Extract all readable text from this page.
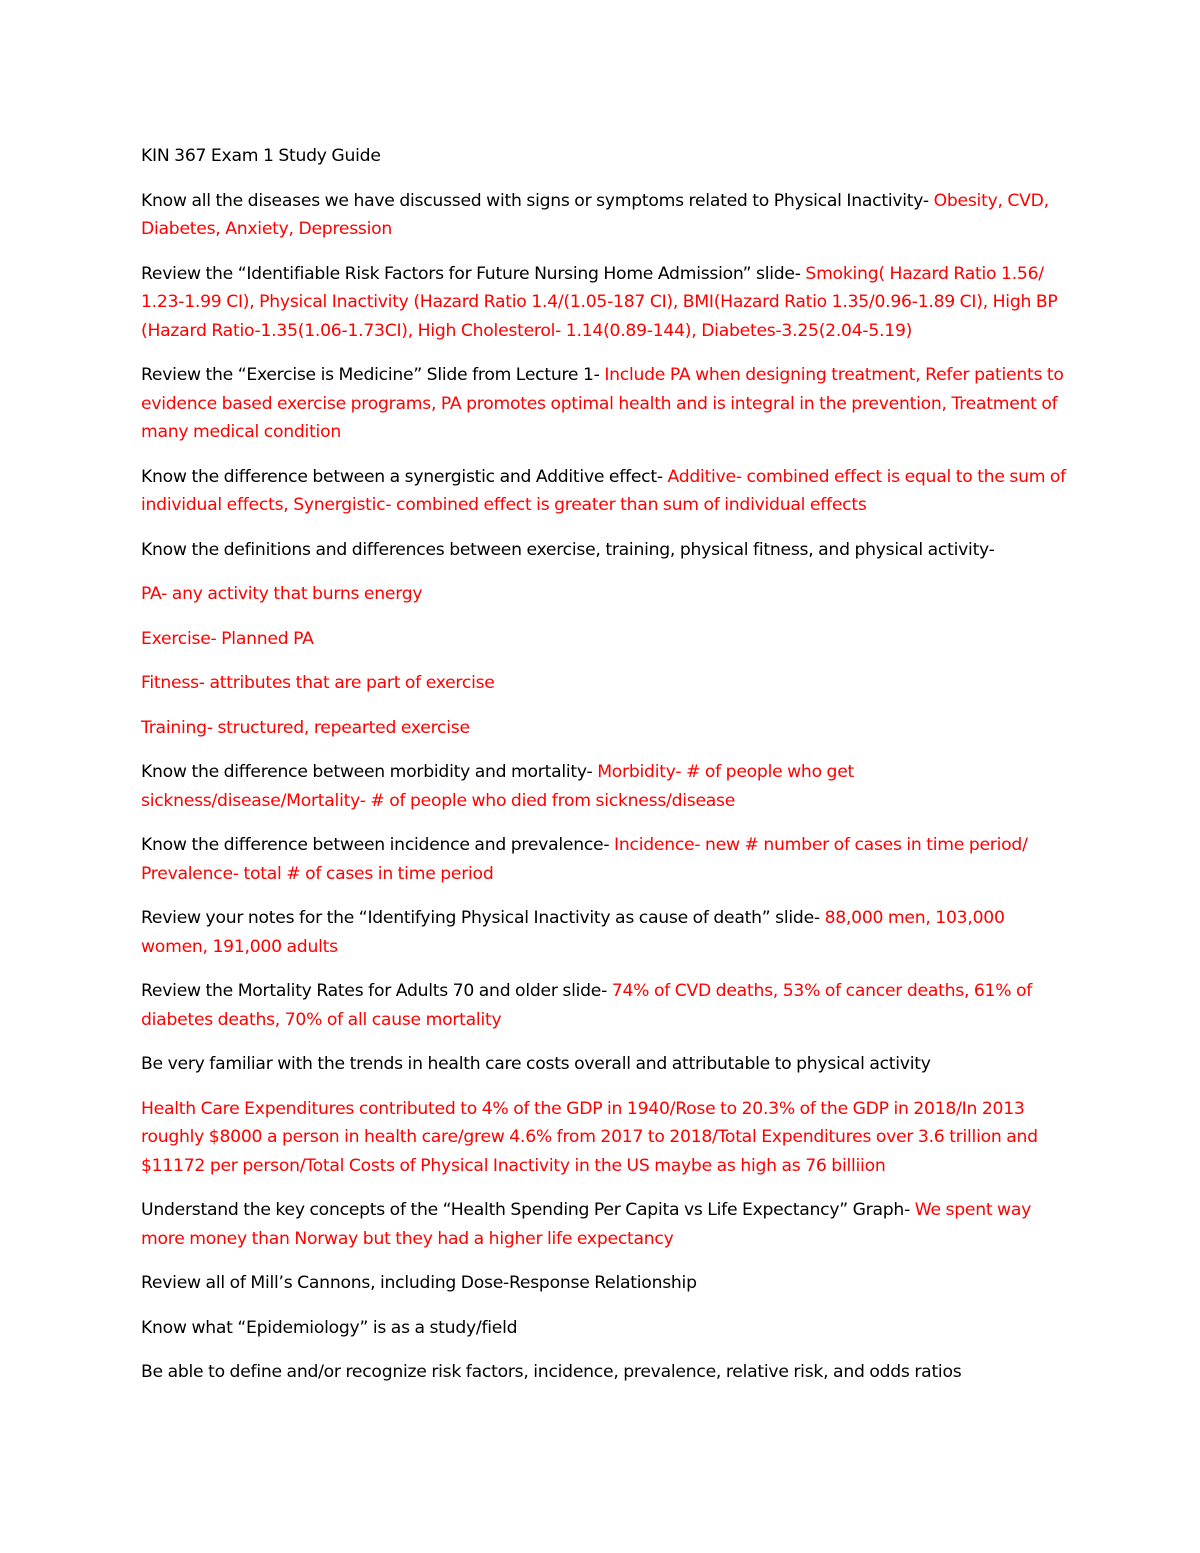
KIN 367 Exam 1 Study Guide

Know all the diseases we have discussed with signs or symptoms related to Physical Inactivity- Obesity, CVD, Diabetes, Anxiety, Depression

Review the “Identifiable Risk Factors for Future Nursing Home Admission” slide- Smoking( Hazard Ratio 1.56/ 1.23-1.99 CI), Physical Inactivity (Hazard Ratio 1.4/(1.05-187 CI), BMI(Hazard Ratio 1.35/0.96-1.89 CI), High BP (Hazard Ratio-1.35(1.06-1.73CI), High Cholesterol- 1.14(0.89-144), Diabetes-3.25(2.04-5.19)

Review the “Exercise is Medicine” Slide from Lecture 1- Include PA when designing treatment, Refer patients to evidence based exercise programs, PA promotes optimal health and is integral in the prevention, Treatment of many medical condition

Know the difference between a synergistic and Additive effect- Additive- combined effect is equal to the sum of individual effects, Synergistic- combined effect is greater than sum of individual effects

Know the definitions and differences between exercise, training, physical fitness, and physical activity-

PA- any activity that burns energy

Exercise- Planned PA

Fitness- attributes that are part of exercise

Training- structured, repearted exercise

Know the difference between morbidity and mortality- Morbidity- # of people who get sickness/disease/Mortality- # of people who died from sickness/disease

Know the difference between incidence and prevalence- Incidence- new # number of cases in time period/ Prevalence- total # of cases in time period

Review your notes for the “Identifying Physical Inactivity as cause of death” slide- 88,000 men, 103,000 women, 191,000 adults

Review the Mortality Rates for Adults 70 and older slide- 74% of CVD deaths, 53% of cancer deaths, 61% of diabetes deaths, 70% of all cause mortality

Be very familiar with the trends in health care costs overall and attributable to physical activity

Health Care Expenditures contributed to 4% of the GDP in 1940/Rose to 20.3% of the GDP in 2018/In 2013 roughly $8000 a person in health care/grew 4.6% from 2017 to 2018/Total Expenditures over 3.6 trillion and $11172 per person/Total Costs of Physical Inactivity in the US maybe as high as 76 billiion

Understand the key concepts of the “Health Spending Per Capita vs Life Expectancy” Graph- We spent way more money than Norway but they had a higher life expectancy

Review all of Mill’s Cannons, including Dose-Response Relationship

Know what “Epidemiology” is as a study/field

Be able to define and/or recognize risk factors, incidence, prevalence, relative risk, and odds ratios
